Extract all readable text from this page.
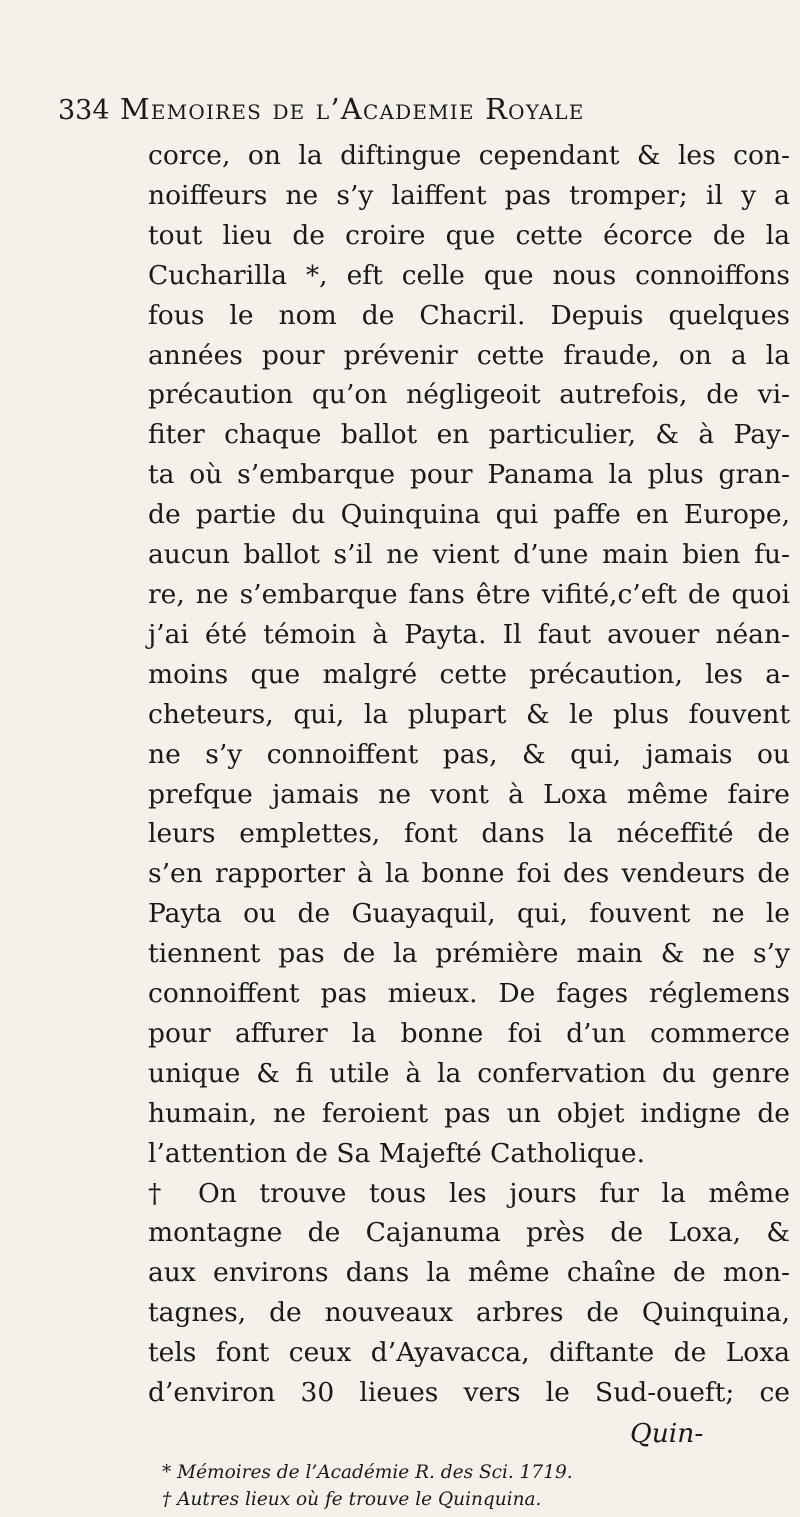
334 Memoires de l’Academie Royale
corce, on la diftingue cependant & les con-
noiffeurs ne s’y laiffent pas tromper; il y a
tout lieu de croire que cette écorce de la
Cucharilla *, eft celle que nous connoiffons
fous le nom de Chacril. Depuis quelques
années pour prévenir cette fraude, on a la
précaution qu’on négligeoit autrefois, de vi-
fiter chaque ballot en particulier, & à Pay-
ta où s’embarque pour Panama la plus gran-
de partie du Quinquina qui paffe en Europe,
aucun ballot s’il ne vient d’une main bien fu-
re, ne s’embarque fans être vifité,c’eft de quoi
j’ai été témoin à Payta. Il faut avouer néan-
moins que malgré cette précaution, les a-
cheteurs, qui, la plupart & le plus fouvent
ne s’y connoiffent pas, & qui, jamais ou
prefque jamais ne vont à Loxa même faire
leurs emplettes, font dans la néceffité de
s’en rapporter à la bonne foi des vendeurs de
Payta ou de Guayaquil, qui, fouvent ne le
tiennent pas de la prémière main & ne s’y
connoiffent pas mieux. De fages réglemens
pour affurer la bonne foi d’un commerce
unique & fi utile à la confervation du genre
humain, ne feroient pas un objet indigne de
l’attention de Sa Majefté Catholique.
† On trouve tous les jours fur la même
montagne de Cajanuma près de Loxa, &
aux environs dans la même chaîne de mon-
tagnes, de nouveaux arbres de Quinquina,
tels font ceux d’Ayavacca, diftante de Loxa
d’environ 30 lieues vers le Sud-oueft; ce
Quin-
* Mémoires de l’Académie R. des Sci. 1719.
† Autres lieux où fe trouve le Quinquina.
